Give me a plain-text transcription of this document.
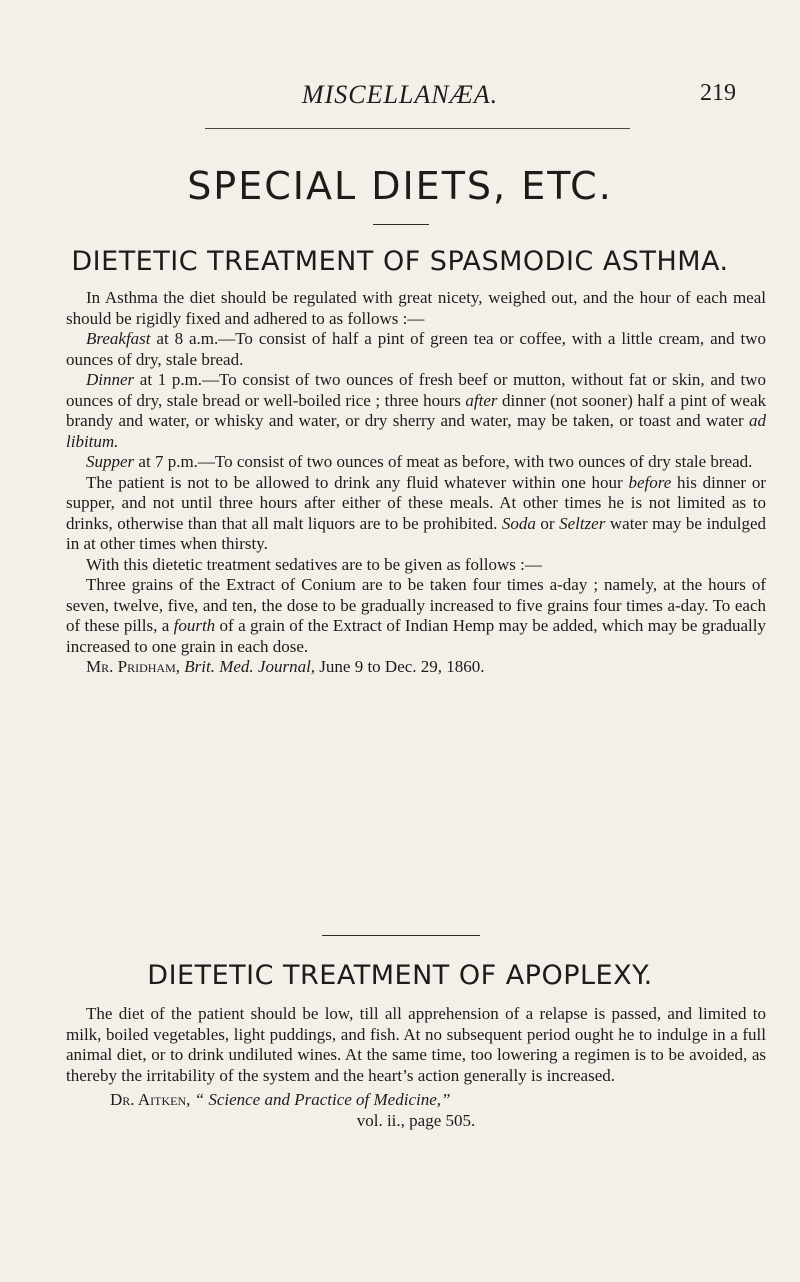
MISCELLANÆA.	219
SPECIAL DIETS, ETC.
DIETETIC TREATMENT OF SPASMODIC ASTHMA.

In Asthma the diet should be regulated with great nicety, weighed out, and the hour of each meal should be rigidly fixed and adhered to as follows :—

Breakfast at 8 a.m.—To consist of half a pint of green tea or coffee, with a little cream, and two ounces of dry, stale bread.

Dinner at 1 p.m.—To consist of two ounces of fresh beef or mutton, without fat or skin, and two ounces of dry, stale bread or well-boiled rice ; three hours after dinner (not sooner) half a pint of weak brandy and water, or whisky and water, or dry sherry and water, may be taken, or toast and water ad libitum.

Supper at 7 p.m.—To consist of two ounces of meat as before, with two ounces of dry stale bread.

The patient is not to be allowed to drink any fluid whatever within one hour before his dinner or supper, and not until three hours after either of these meals. At other times he is not limited as to drinks, otherwise than that all malt liquors are to be prohibited. Soda or Seltzer water may be indulged in at other times when thirsty.

With this dietetic treatment sedatives are to be given as follows :—

Three grains of the Extract of Conium are to be taken four times a-day ; namely, at the hours of seven, twelve, five, and ten, the dose to be gradually increased to five grains four times a-day. To each of these pills, a fourth of a grain of the Extract of Indian Hemp may be added, which may be gradually increased to one grain in each dose.

Mr. Pridham, Brit. Med. Journal, June 9 to Dec. 29, 1860.

DIETETIC TREATMENT OF APOPLEXY.

The diet of the patient should be low, till all apprehension of a relapse is passed, and limited to milk, boiled vegetables, light puddings, and fish. At no subsequent period ought he to indulge in a full animal diet, or to drink undiluted wines. At the same time, too lowering a regimen is to be avoided, as thereby the irritability of the system and the heart’s action generally is increased.

Dr. Aitken, “ Science and Practice of Medicine,”

vol. ii., page 505.
